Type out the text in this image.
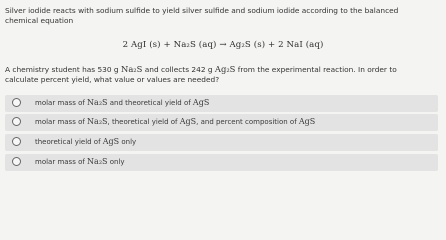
Silver iodide reacts with sodium sulfide to yield silver sulfide and sodium iodide according to the balanced
chemical equation
2 AgI (s) + Na₂S (aq) → Ag₂S (s) + 2 NaI (aq)
A chemistry student has 530 g Na₂S and collects 242 g Ag₂S from the experimental reaction. In order to
calculate percent yield, what value or values are needed?
molar mass of Na₂S and theoretical yield of AgS
molar mass of Na₂S, theoretical yield of AgS, and percent composition of AgS
theoretical yield of AgS only
molar mass of Na₂S only
